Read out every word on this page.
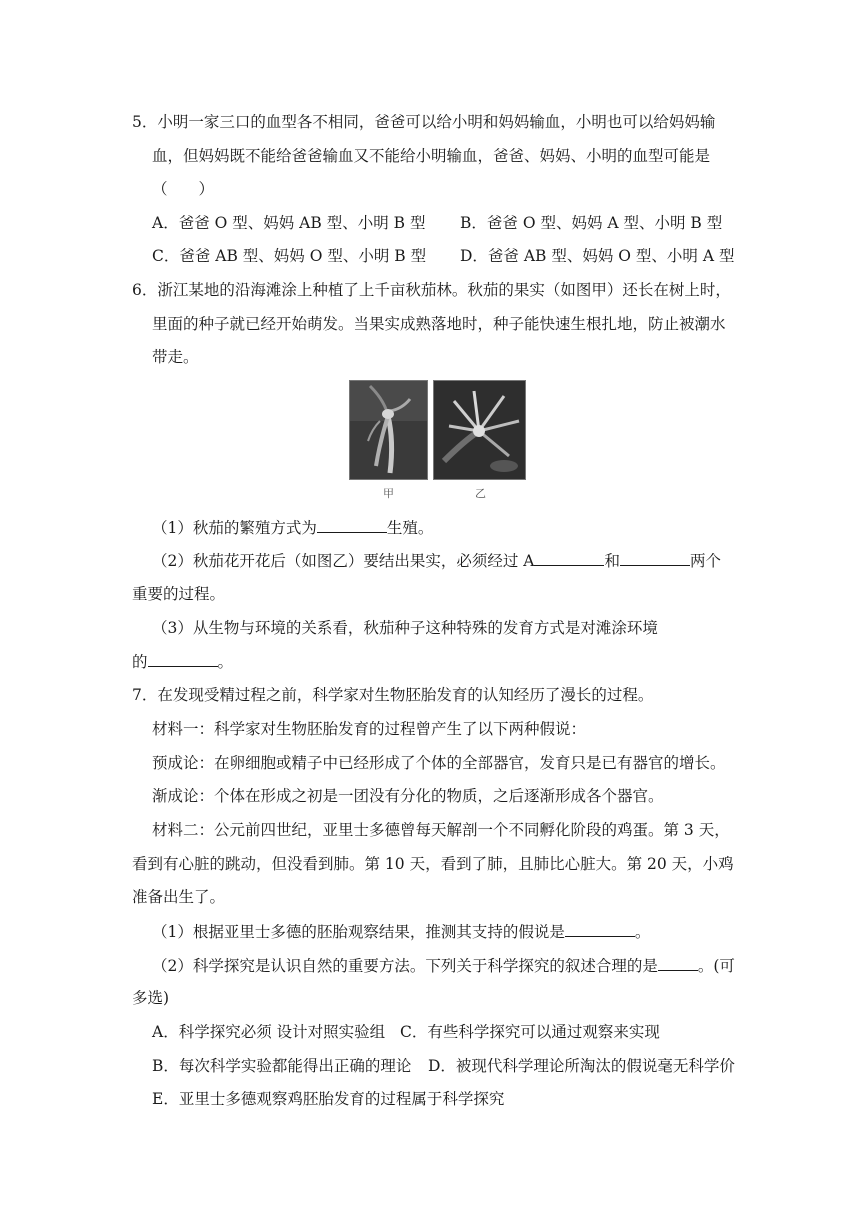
5．小明一家三口的血型各不相同，爸爸可以给小明和妈妈输血，小明也可以给妈妈输
血，但妈妈既不能给爸爸输血又不能给小明输血，爸爸、妈妈、小明的血型可能是
（　　）
A．爸爸 O 型、妈妈 AB 型、小明 B 型 B．爸爸 O 型、妈妈 A 型、小明 B 型
C．爸爸 AB 型、妈妈 O 型、小明 B 型 D．爸爸 AB 型、妈妈 O 型、小明 A 型
6．浙江某地的沿海滩涂上种植了上千亩秋茄林。秋茄的果实（如图甲）还长在树上时，
里面的种子就已经开始萌发。当果实成熟落地时，种子能快速生根扎地，防止被潮水
带走。
甲	乙
（1）秋茄的繁殖方式为	生殖。
（2）秋茄花开花后（如图乙）要结出果实，必须经过 A	和	两个
重要的过程。
（3）从生物与环境的关系看，秋茄种子这种特殊的发育方式是对滩涂环境
的	。
7．在发现受精过程之前，科学家对生物胚胎发育的认知经历了漫长的过程。
材料一：科学家对生物胚胎发育的过程曾产生了以下两种假说：
预成论：在卵细胞或精子中已经形成了个体的全部器官，发育只是已有器官的增长。
渐成论：个体在形成之初是一团没有分化的物质，之后逐渐形成各个器官。
材料二：公元前四世纪，亚里士多德曾每天解剖一个不同孵化阶段的鸡蛋。第 3 天，
看到有心脏的跳动，但没看到肺。第 10 天，看到了肺，且肺比心脏大。第 20 天，小鸡
准备出生了。
（1）根据亚里士多德的胚胎观察结果，推测其支持的假说是	。
（2）科学探究是认识自然的重要方法。下列关于科学探究的叙述合理的是	。(可
多选)
A．科学探究必须 设计对照实验组 C．有些科学探究可以通过观察来实现
B．每次科学实验都能得出正确的理论 D．被现代科学理论所淘汰的假说毫无科学价
E．亚里士多德观察鸡胚胎发育的过程属于科学探究
